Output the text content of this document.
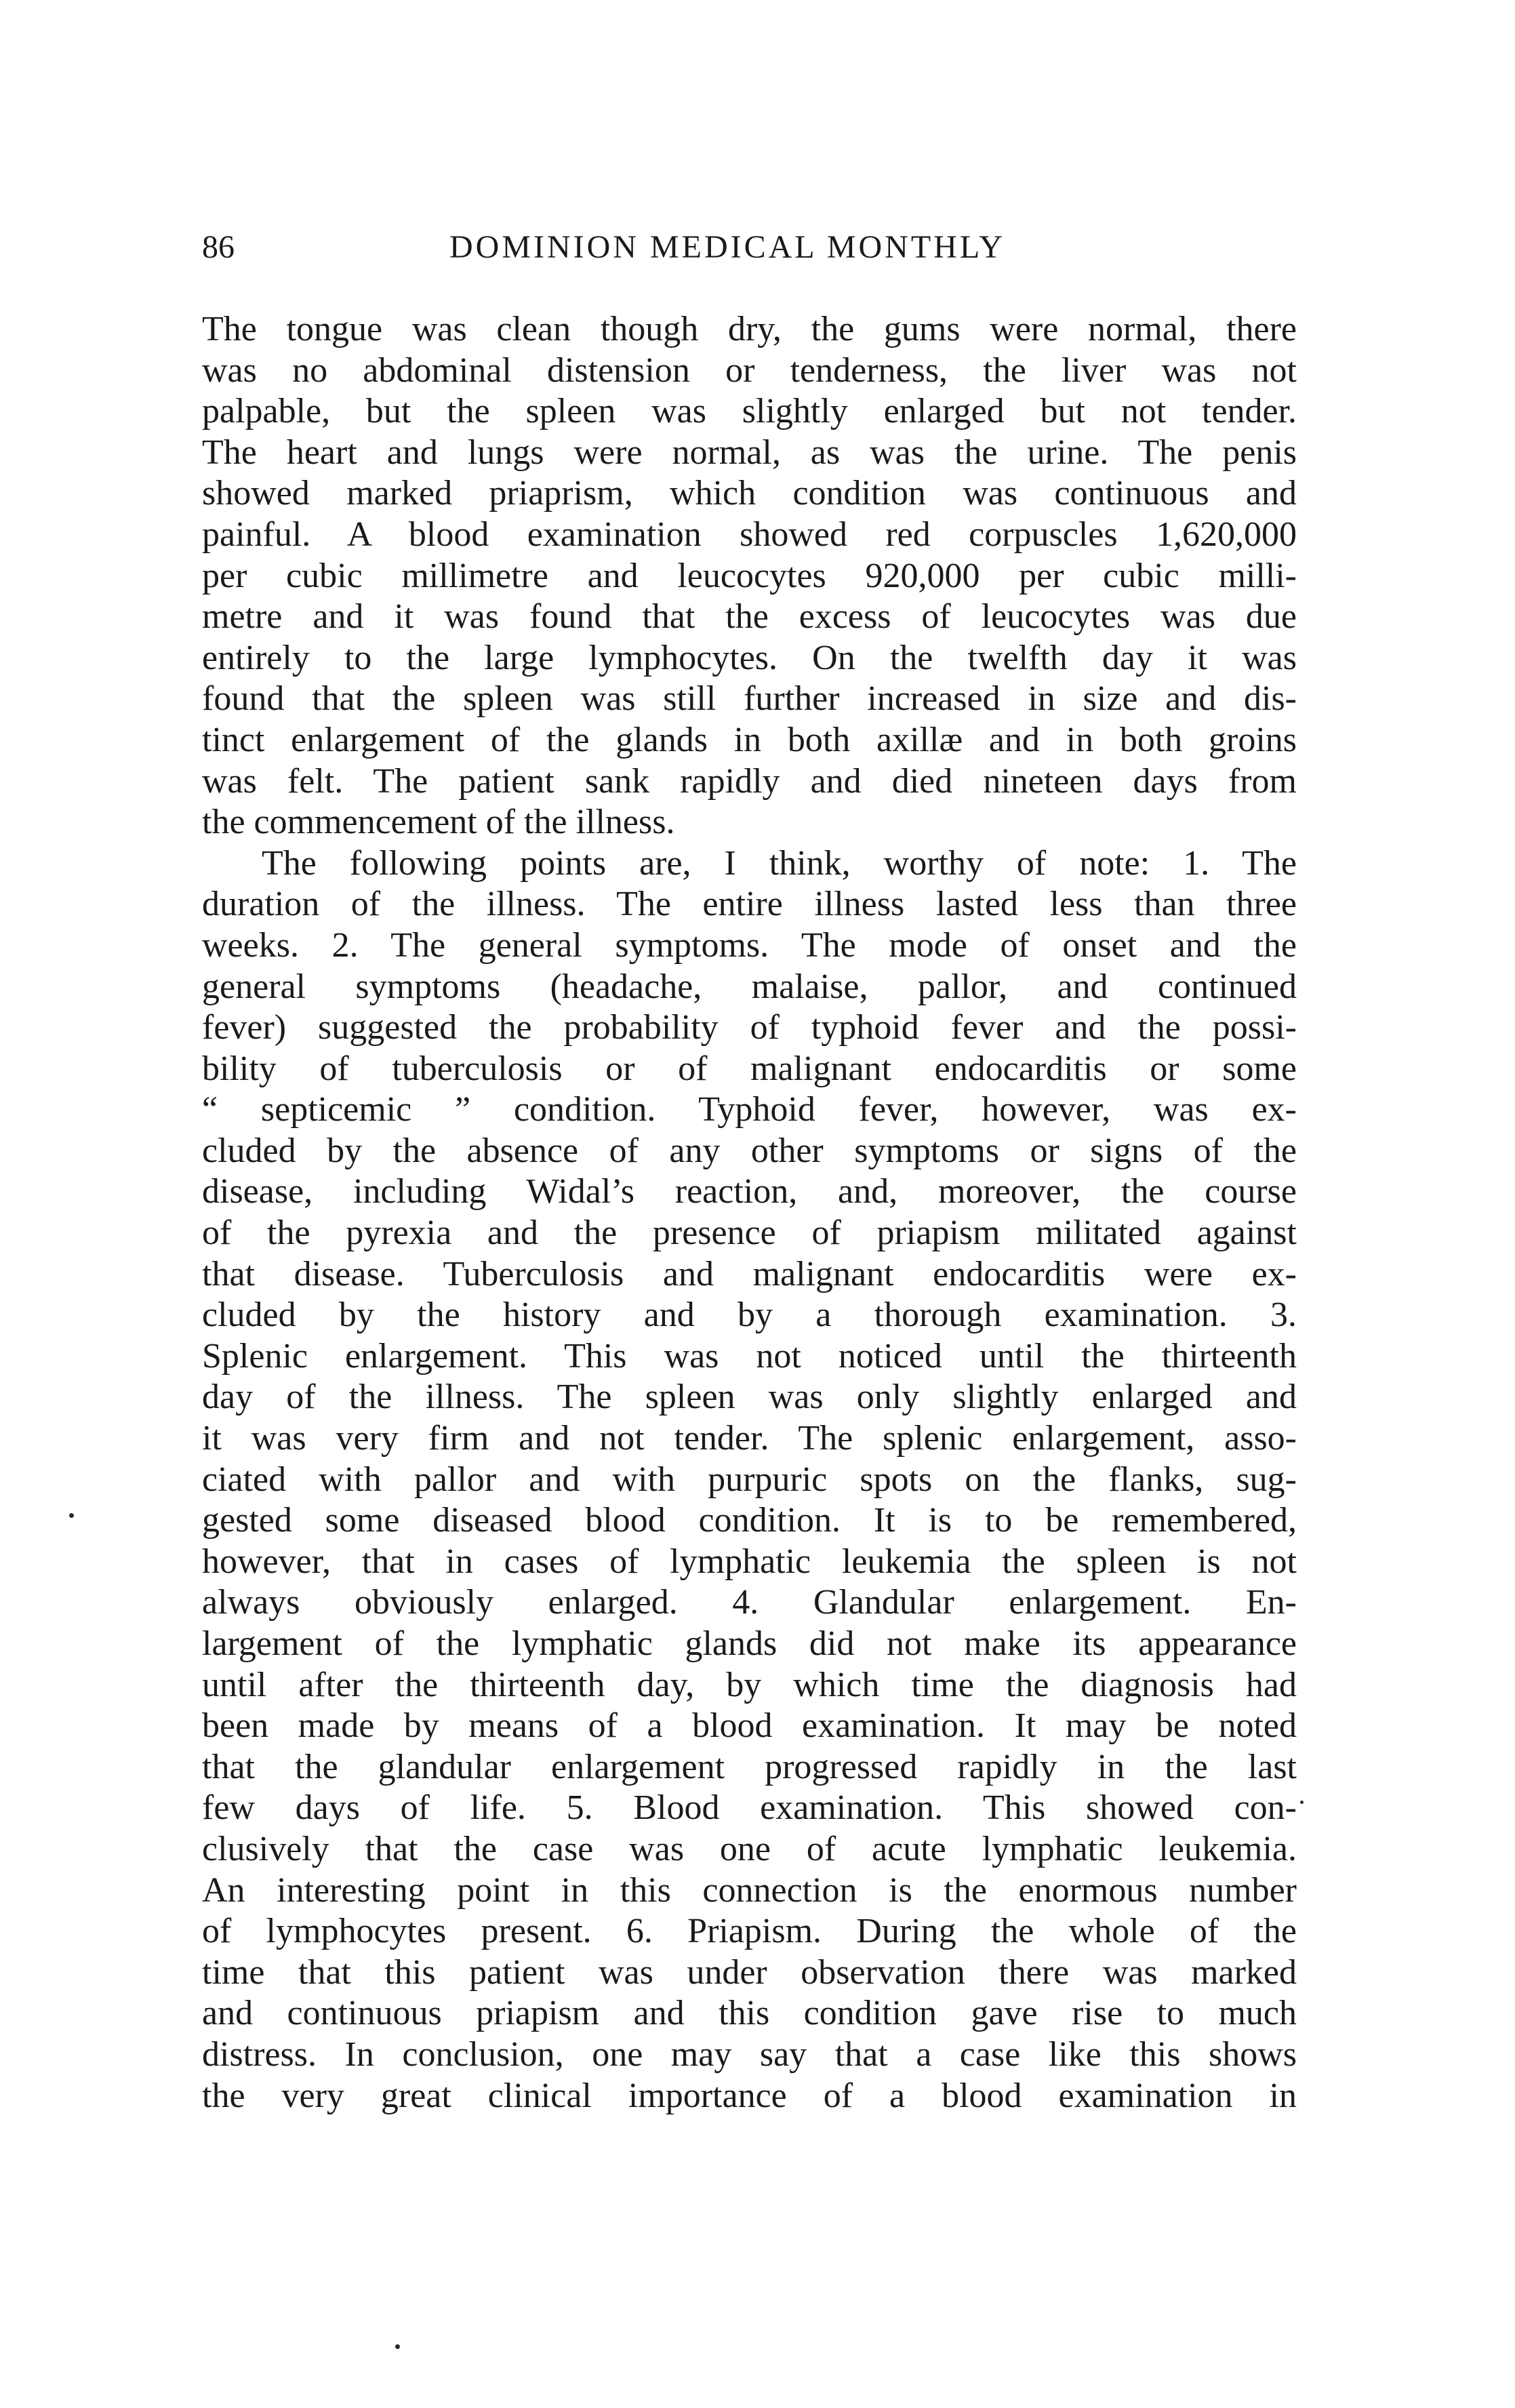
86	DOMINION MEDICAL MONTHLY
The tongue was clean though dry, the gums were normal, there
was no abdominal distension or tenderness, the liver was not
palpable, but the spleen was slightly enlarged but not tender.
The heart and lungs were normal, as was the urine. The penis
showed marked priaprism, which condition was continuous and
painful. A blood examination showed red corpuscles 1,620,000
per cubic millimetre and leucocytes 920,000 per cubic milli-
metre and it was found that the excess of leucocytes was due
entirely to the large lymphocytes. On the twelfth day it was
found that the spleen was still further increased in size and dis-
tinct enlargement of the glands in both axillæ and in both groins
was felt. The patient sank rapidly and died nineteen days from
the commencement of the illness.
The following points are, I think, worthy of note: 1. The
duration of the illness. The entire illness lasted less than three
weeks. 2. The general symptoms. The mode of onset and the
general symptoms (headache, malaise, pallor, and continued
fever) suggested the probability of typhoid fever and the possi-
bility of tuberculosis or of malignant endocarditis or some
“ septicemic ” condition. Typhoid fever, however, was ex-
cluded by the absence of any other symptoms or signs of the
disease, including Widal’s reaction, and, moreover, the course
of the pyrexia and the presence of priapism militated against
that disease. Tuberculosis and malignant endocarditis were ex-
cluded by the history and by a thorough examination. 3.
Splenic enlargement. This was not noticed until the thirteenth
day of the illness. The spleen was only slightly enlarged and
it was very firm and not tender. The splenic enlargement, asso-
ciated with pallor and with purpuric spots on the flanks, sug-
gested some diseased blood condition. It is to be remembered,
however, that in cases of lymphatic leukemia the spleen is not
always obviously enlarged. 4. Glandular enlargement. En-
largement of the lymphatic glands did not make its appearance
until after the thirteenth day, by which time the diagnosis had
been made by means of a blood examination. It may be noted
that the glandular enlargement progressed rapidly in the last
few days of life. 5. Blood examination. This showed con-
clusively that the case was one of acute lymphatic leukemia.
An interesting point in this connection is the enormous number
of lymphocytes present. 6. Priapism. During the whole of the
time that this patient was under observation there was marked
and continuous priapism and this condition gave rise to much
distress. In conclusion, one may say that a case like this shows
the very great clinical importance of a blood examination in
